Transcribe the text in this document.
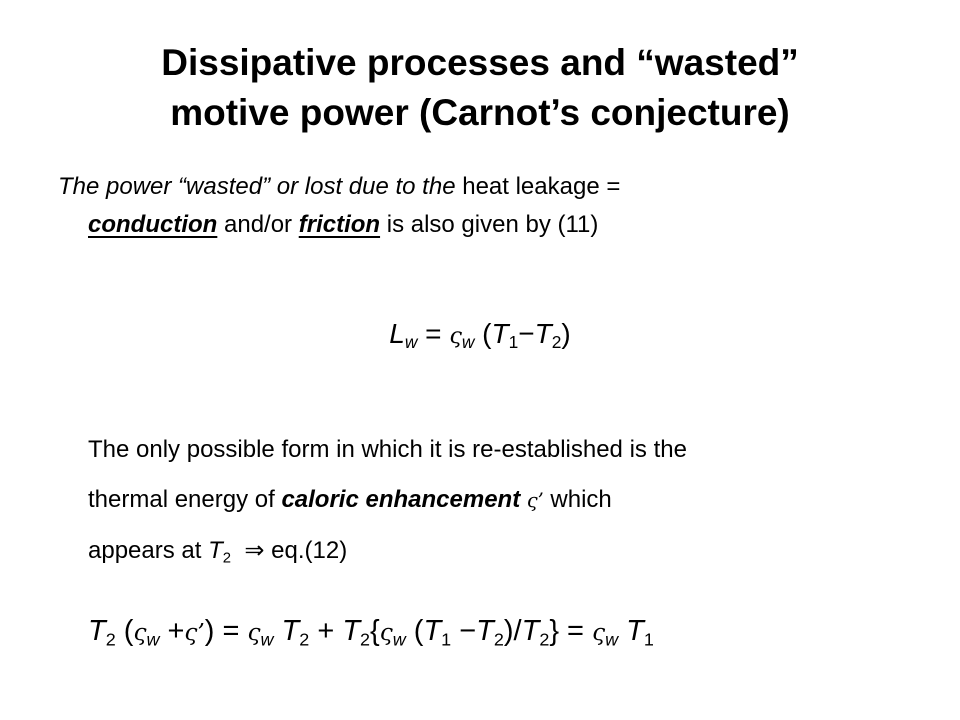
Dissipative processes and “wasted”
motive power (Carnot’s conjecture)
The power “wasted” or lost due to the heat leakage =
conduction and/or friction is also given by (11)
$L_w = \varsigma_w$ $(T_1-T_2)$
The only possible form in which it is re-established is the
thermal energy of caloric enhancement ς’ which
appears at $T_2$ ⇒ eq.(12)
$T_2$ ($\varsigma_w$ +ς’) = $\varsigma_w$ $T_2 + T_2\{\varsigma_w$ $(T_1 -T_2)/T_2\} = \varsigma_w$ $T_1$
